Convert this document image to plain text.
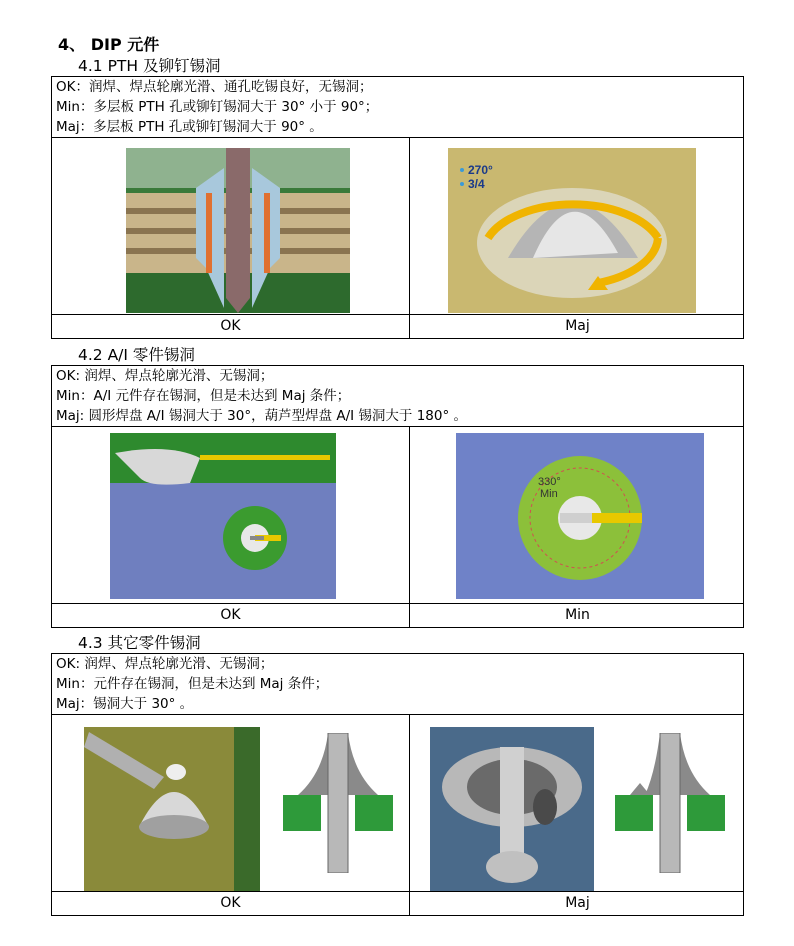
4、 DIP 元件
4.1 PTH 及铆钉锡洞
OK：润焊、焊点轮廓光滑、通孔吃锡良好，无锡洞；
Min：多层板 PTH 孔或铆钉锡洞大于 30° 小于 90°；
Maj：多层板 PTH 孔或铆钉锡洞大于 90° 。
270°
3/4
OK	Maj
4.2 A/I 零件锡洞
OK: 润焊、焊点轮廓光滑、无锡洞；
Min：A/I 元件存在锡洞，但是未达到 Maj 条件；
Maj: 圆形焊盘 A/I 锡洞大于 30°，葫芦型焊盘 A/I 锡洞大于 180° 。
330°
Min
OK	Min
4.3 其它零件锡洞
OK: 润焊、焊点轮廓光滑、无锡洞；
Min：元件存在锡洞，但是未达到 Maj 条件；
Maj：锡洞大于 30° 。
OK	Maj
